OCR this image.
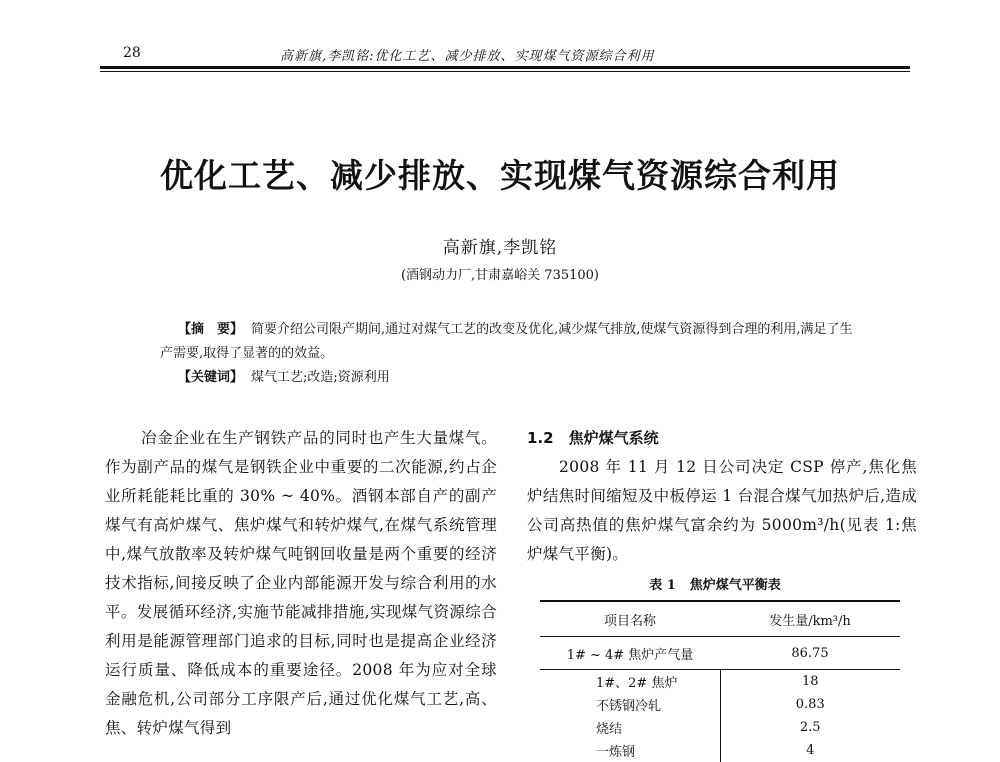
28	高新旗,李凯铭:优化工艺、减少排放、实现煤气资源综合利用
优化工艺、减少排放、实现煤气资源综合利用
高新旗,李凯铭
(酒钢动力厂,甘肃嘉峪关 735100)

【摘　要】 简要介绍公司限产期间,通过对煤气工艺的改变及优化,减少煤气排放,使煤气资源得到合理的利用,满足了生产需要,取得了显著的的效益。

【关键词】 煤气工艺;改造;资源利用

冶金企业在生产钢铁产品的同时也产生大量煤气。作为副产品的煤气是钢铁企业中重要的二次能源,约占企业所耗能耗比重的 30% ~ 40%。酒钢本部自产的副产煤气有高炉煤气、焦炉煤气和转炉煤气,在煤气系统管理中,煤气放散率及转炉煤气吨钢回收量是两个重要的经济技术指标,间接反映了企业内部能源开发与综合利用的水平。发展循环经济,实施节能减排措施,实现煤气资源综合利用是能源管理部门追求的目标,同时也是提高企业经济运行质量、降低成本的重要途径。2008 年为应对全球金融危机,公司部分工序限产后,通过优化煤气工艺,高、焦、转炉煤气得到

1.2　焦炉煤气系统

2008 年 11 月 12 日公司决定 CSP 停产,焦化焦炉结焦时间缩短及中板停运 1 台混合煤气加热炉后,造成公司高热值的焦炉煤气富余约为 5000m³/h(见表 1:焦炉煤气平衡)。

表 1 焦炉煤气平衡表
项目名称	发生量/km³/h
1# ~ 4# 焦炉产气量	86.75
1#、2# 焦炉	18
不锈钢冷轧	0.83
烧结	2.5
一炼钢	4
